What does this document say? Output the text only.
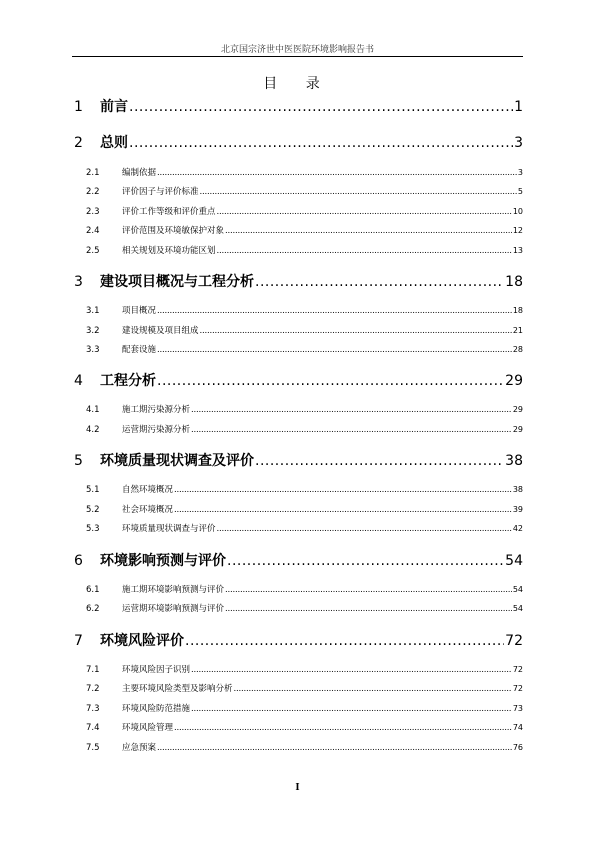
北京国宗济世中医医院环境影响报告书
目 录
1	前言 .....	1
2	总则 .....	3
2.1	编制依据 .....	3
2.2	评价因子与评价标准 .....	5
2.3	评价工作等级和评价重点 .....	10
2.4	评价范围及环境敏保护对象 .....	12
2.5	相关规划及环境功能区划 .....	13
3	建设项目概况与工程分析 .....	18
3.1	项目概况 .....	18
3.2	建设规模及项目组成 .....	21
3.3	配套设施 .....	28
4	工程分析 .....	29
4.1	施工期污染源分析 .....	29
4.2	运营期污染源分析 .....	29
5	环境质量现状调查及评价 .....	38
5.1	自然环境概况 .....	38
5.2	社会环境概况 .....	39
5.3	环境质量现状调查与评价 .....	42
6	环境影响预测与评价 .....	54
6.1	施工期环境影响预测与评价 .....	54
6.2	运营期环境影响预测与评价 .....	54
7	环境风险评价 .....	72
7.1	环境风险因子识别 .....	72
7.2	主要环境风险类型及影响分析 .....	72
7.3	环境风险防范措施 .....	73
7.4	环境风险管理 .....	74
7.5	应急预案 .....	76
I
